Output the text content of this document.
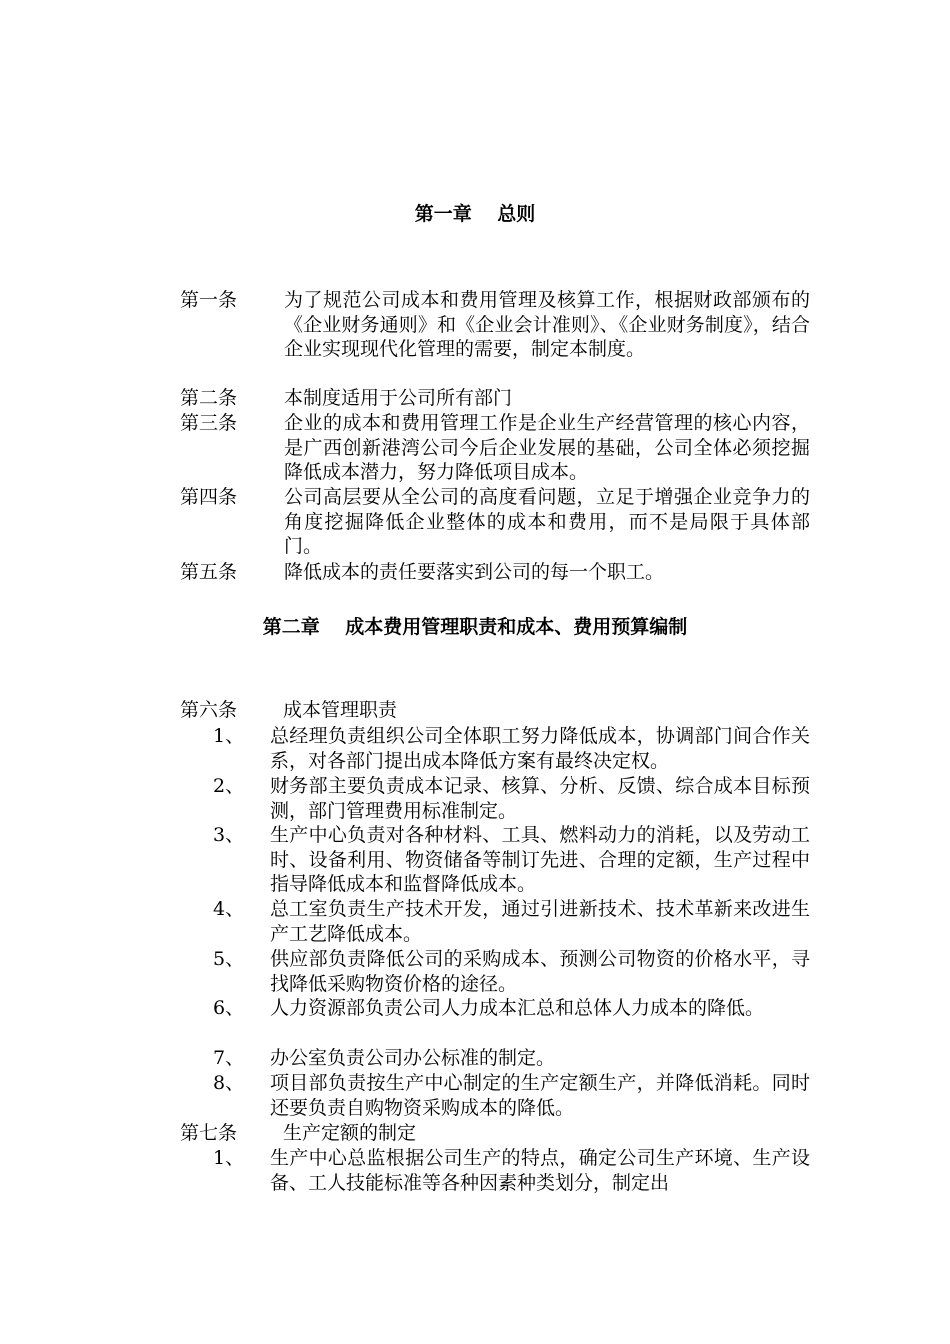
第一章　 总则
第一条 为了规范公司成本和费用管理及核算工作，根据财政部颁布的《企业财务通则》和《企业会计准则》、《企业财务制度》，结合企业实现现代化管理的需要，制定本制度。
第二条 本制度适用于公司所有部门
第三条 企业的成本和费用管理工作是企业生产经营管理的核心内容，是广西创新港湾公司今后企业发展的基础，公司全体必须挖掘降低成本潜力，努力降低项目成本。
第四条 公司高层要从全公司的高度看问题，立足于增强企业竞争力的角度挖掘降低企业整体的成本和费用，而不是局限于具体部门。
第五条 降低成本的责任要落实到公司的每一个职工。
第二章　 成本费用管理职责和成本、费用预算编制
第六条 成本管理职责
1、 总经理负责组织公司全体职工努力降低成本，协调部门间合作关系，对各部门提出成本降低方案有最终决定权。
2、 财务部主要负责成本记录、核算、分析、反馈、综合成本目标预测，部门管理费用标准制定。
3、 生产中心负责对各种材料、工具、燃料动力的消耗，以及劳动工时、设备利用、物资储备等制订先进、合理的定额，生产过程中指导降低成本和监督降低成本。
4、 总工室负责生产技术开发，通过引进新技术、技术革新来改进生产工艺降低成本。
5、 供应部负责降低公司的采购成本、预测公司物资的价格水平，寻找降低采购物资价格的途径。
6、 人力资源部负责公司人力成本汇总和总体人力成本的降低。
7、 办公室负责公司办公标准的制定。
8、 项目部负责按生产中心制定的生产定额生产，并降低消耗。同时还要负责自购物资采购成本的降低。
第七条 生产定额的制定
1、 生产中心总监根据公司生产的特点，确定公司生产环境、生产设备、工人技能标准等各种因素种类划分，制定出
